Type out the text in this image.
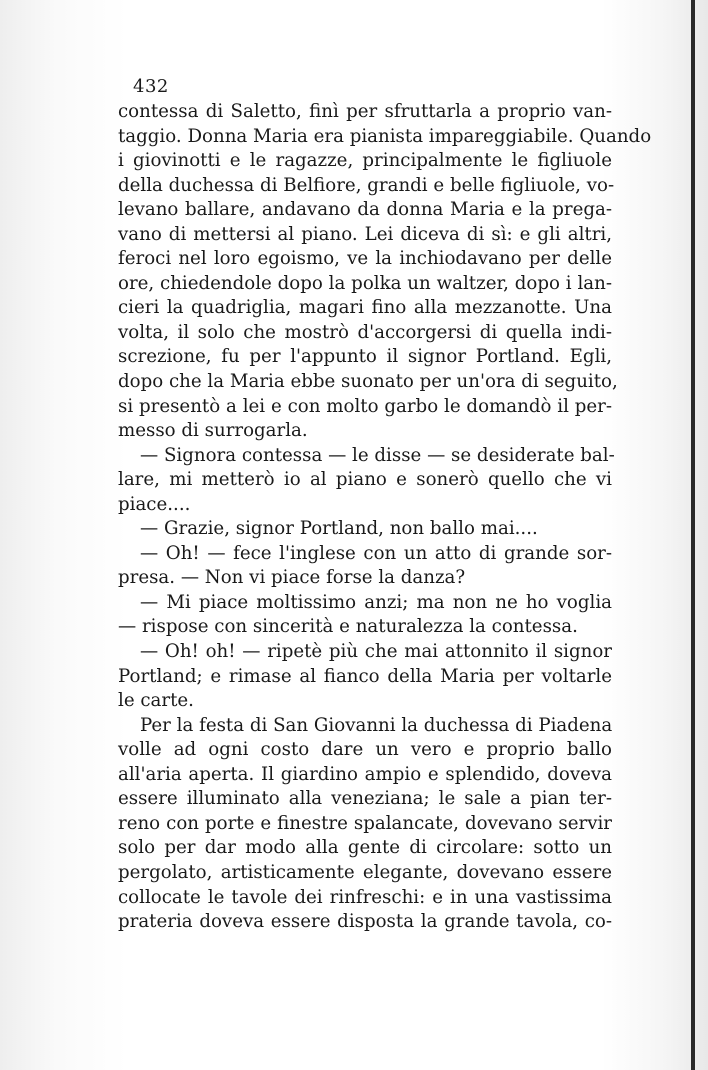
432
contessa di Saletto, finì per sfruttarla a proprio van-
taggio. Donna Maria era pianista impareggiabile. Quando
i giovinotti e le ragazze, principalmente le figliuole
della duchessa di Belfiore, grandi e belle figliuole, vo-
levano ballare, andavano da donna Maria e la prega-
vano di mettersi al piano. Lei diceva di sì: e gli altri,
feroci nel loro egoismo, ve la inchiodavano per delle
ore, chiedendole dopo la polka un waltzer, dopo i lan-
cieri la quadriglia, magari fino alla mezzanotte. Una
volta, il solo che mostrò d'accorgersi di quella indi-
screzione, fu per l'appunto il signor Portland. Egli,
dopo che la Maria ebbe suonato per un'ora di seguito,
si presentò a lei e con molto garbo le domandò il per-
messo di surrogarla.
— Signora contessa — le disse — se desiderate bal-
lare, mi metterò io al piano e sonerò quello che vi
piace....
— Grazie, signor Portland, non ballo mai....
— Oh! — fece l'inglese con un atto di grande sor-
presa. — Non vi piace forse la danza?
— Mi piace moltissimo anzi; ma non ne ho voglia
— rispose con sincerità e naturalezza la contessa.
— Oh! oh! — ripetè più che mai attonnito il signor
Portland; e rimase al fianco della Maria per voltarle
le carte.
Per la festa di San Giovanni la duchessa di Piadena
volle ad ogni costo dare un vero e proprio ballo
all'aria aperta. Il giardino ampio e splendido, doveva
essere illuminato alla veneziana; le sale a pian ter-
reno con porte e finestre spalancate, dovevano servir
solo per dar modo alla gente di circolare: sotto un
pergolato, artisticamente elegante, dovevano essere
collocate le tavole dei rinfreschi: e in una vastissima
prateria doveva essere disposta la grande tavola, co-
